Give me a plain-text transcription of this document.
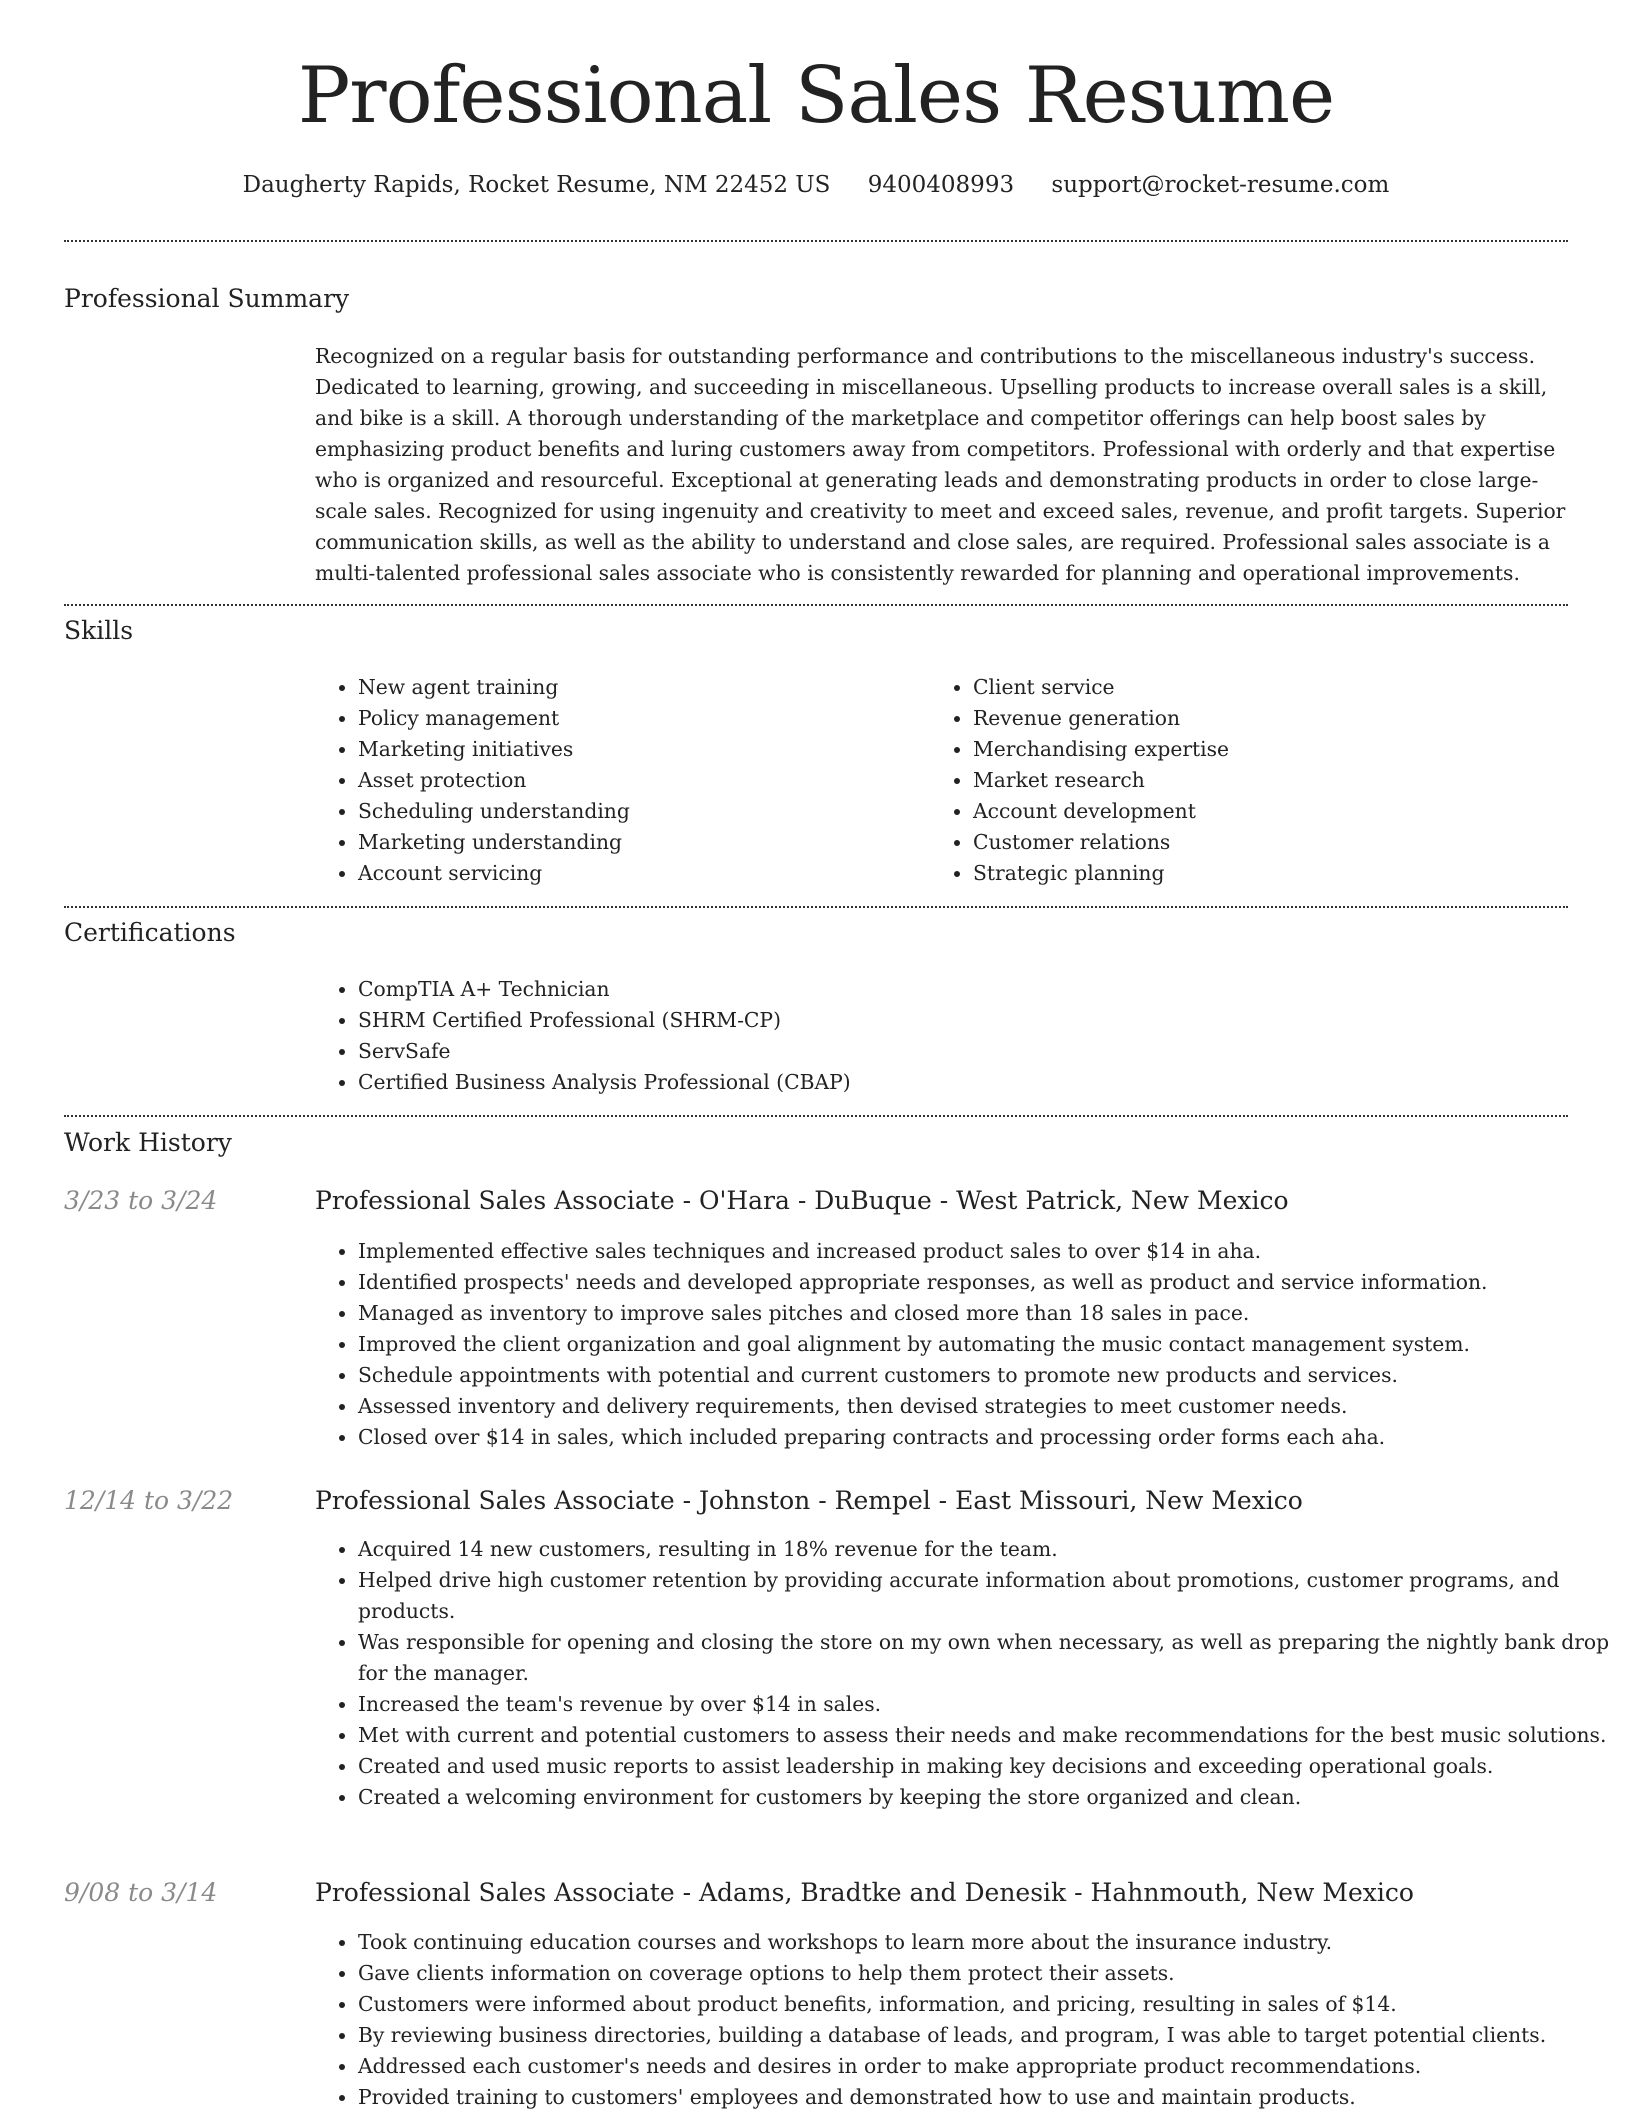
Professional Sales Resume
Daugherty Rapids, Rocket Resume, NM 22452 US 9400408993 support@rocket-resume.com
Professional Summary

Recognized on a regular basis for outstanding performance and contributions to the miscellaneous industry's success. Dedicated to learning, growing, and succeeding in miscellaneous. Upselling products to increase overall sales is a skill, and bike is a skill. A thorough understanding of the marketplace and competitor offerings can help boost sales by emphasizing product benefits and luring customers away from competitors. Professional with orderly and that expertise who is organized and resourceful. Exceptional at generating leads and demonstrating products in order to close large-scale sales. Recognized for using ingenuity and creativity to meet and exceed sales, revenue, and profit targets. Superior communication skills, as well as the ability to understand and close sales, are required. Professional sales associate is a multi-talented professional sales associate who is consistently rewarded for planning and operational improvements.

Skills
• New agent training
• Policy management
• Marketing initiatives
• Asset protection
• Scheduling understanding
• Marketing understanding
• Account servicing
• Client service
• Revenue generation
• Merchandising expertise
• Market research
• Account development
• Customer relations
• Strategic planning
Certifications
• CompTIA A+ Technician
• SHRM Certified Professional (SHRM-CP)
• ServSafe
• Certified Business Analysis Professional (CBAP)
Work History
3/23 to 3/24	Professional Sales Associate - O'Hara - DuBuque - West Patrick, New Mexico
• Implemented effective sales techniques and increased product sales to over $14 in aha.
• Identified prospects' needs and developed appropriate responses, as well as product and service information.
• Managed as inventory to improve sales pitches and closed more than 18 sales in pace.
• Improved the client organization and goal alignment by automating the music contact management system.
• Schedule appointments with potential and current customers to promote new products and services.
• Assessed inventory and delivery requirements, then devised strategies to meet customer needs.
• Closed over $14 in sales, which included preparing contracts and processing order forms each aha.
12/14 to 3/22	Professional Sales Associate - Johnston - Rempel - East Missouri, New Mexico
• Acquired 14 new customers, resulting in 18% revenue for the team.
• Helped drive high customer retention by providing accurate information about promotions, customer programs, and products.
• Was responsible for opening and closing the store on my own when necessary, as well as preparing the nightly bank drop for the manager.
• Increased the team's revenue by over $14 in sales.
• Met with current and potential customers to assess their needs and make recommendations for the best music solutions.
• Created and used music reports to assist leadership in making key decisions and exceeding operational goals.
• Created a welcoming environment for customers by keeping the store organized and clean.
9/08 to 3/14	Professional Sales Associate - Adams, Bradtke and Denesik - Hahnmouth, New Mexico
• Took continuing education courses and workshops to learn more about the insurance industry.
• Gave clients information on coverage options to help them protect their assets.
• Customers were informed about product benefits, information, and pricing, resulting in sales of $14.
• By reviewing business directories, building a database of leads, and program, I was able to target potential clients.
• Addressed each customer's needs and desires in order to make appropriate product recommendations.
• Provided training to customers' employees and demonstrated how to use and maintain products.
